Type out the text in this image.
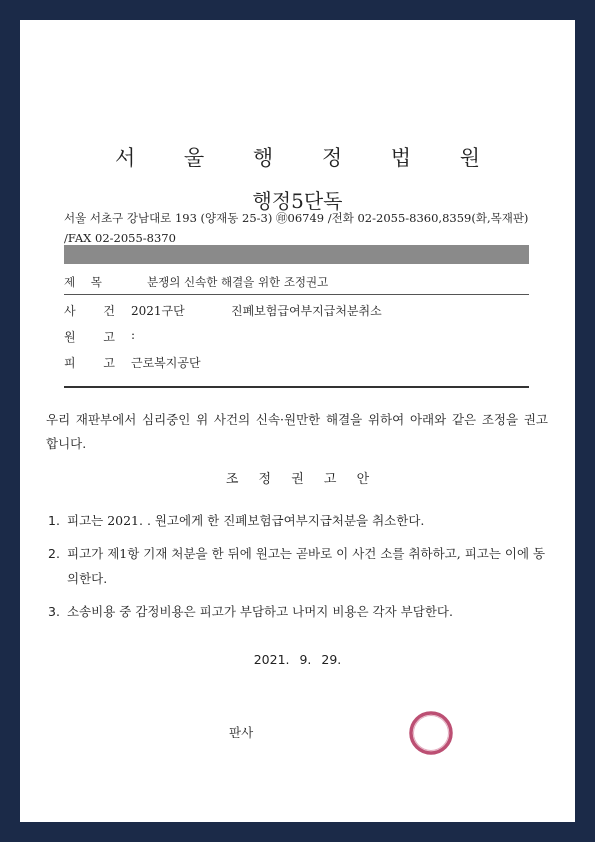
서 울 행 정 법 원
행정5단독
서울 서초구 강남대로 193 (양재동 25-3) ㊞06749 /전화 02-2055-8360,8359(화,목재판) /FAX 02-2055-8370
제 목	분쟁의 신속한 해결을 위한 조정권고
사 건 2021구단	진폐보험급여부지급처분취소
원 고 :
피 고 근로복지공단
우리 재판부에서 심리중인 위 사건의 신속·원만한 해결을 위하여 아래와 같은 조정을 권고합니다.
조 정 권 고 안
1. 피고는 2021. . 원고에게 한 진폐보험급여부지급처분을 취소한다.
2. 피고가 제1항 기재 처분을 한 뒤에 원고는 곧바로 이 사건 소를 취하하고, 피고는 이에 동의한다.
3. 소송비용 중 감정비용은 피고가 부담하고 나머지 비용은 각자 부담한다.
2021. 9. 29.
판사
